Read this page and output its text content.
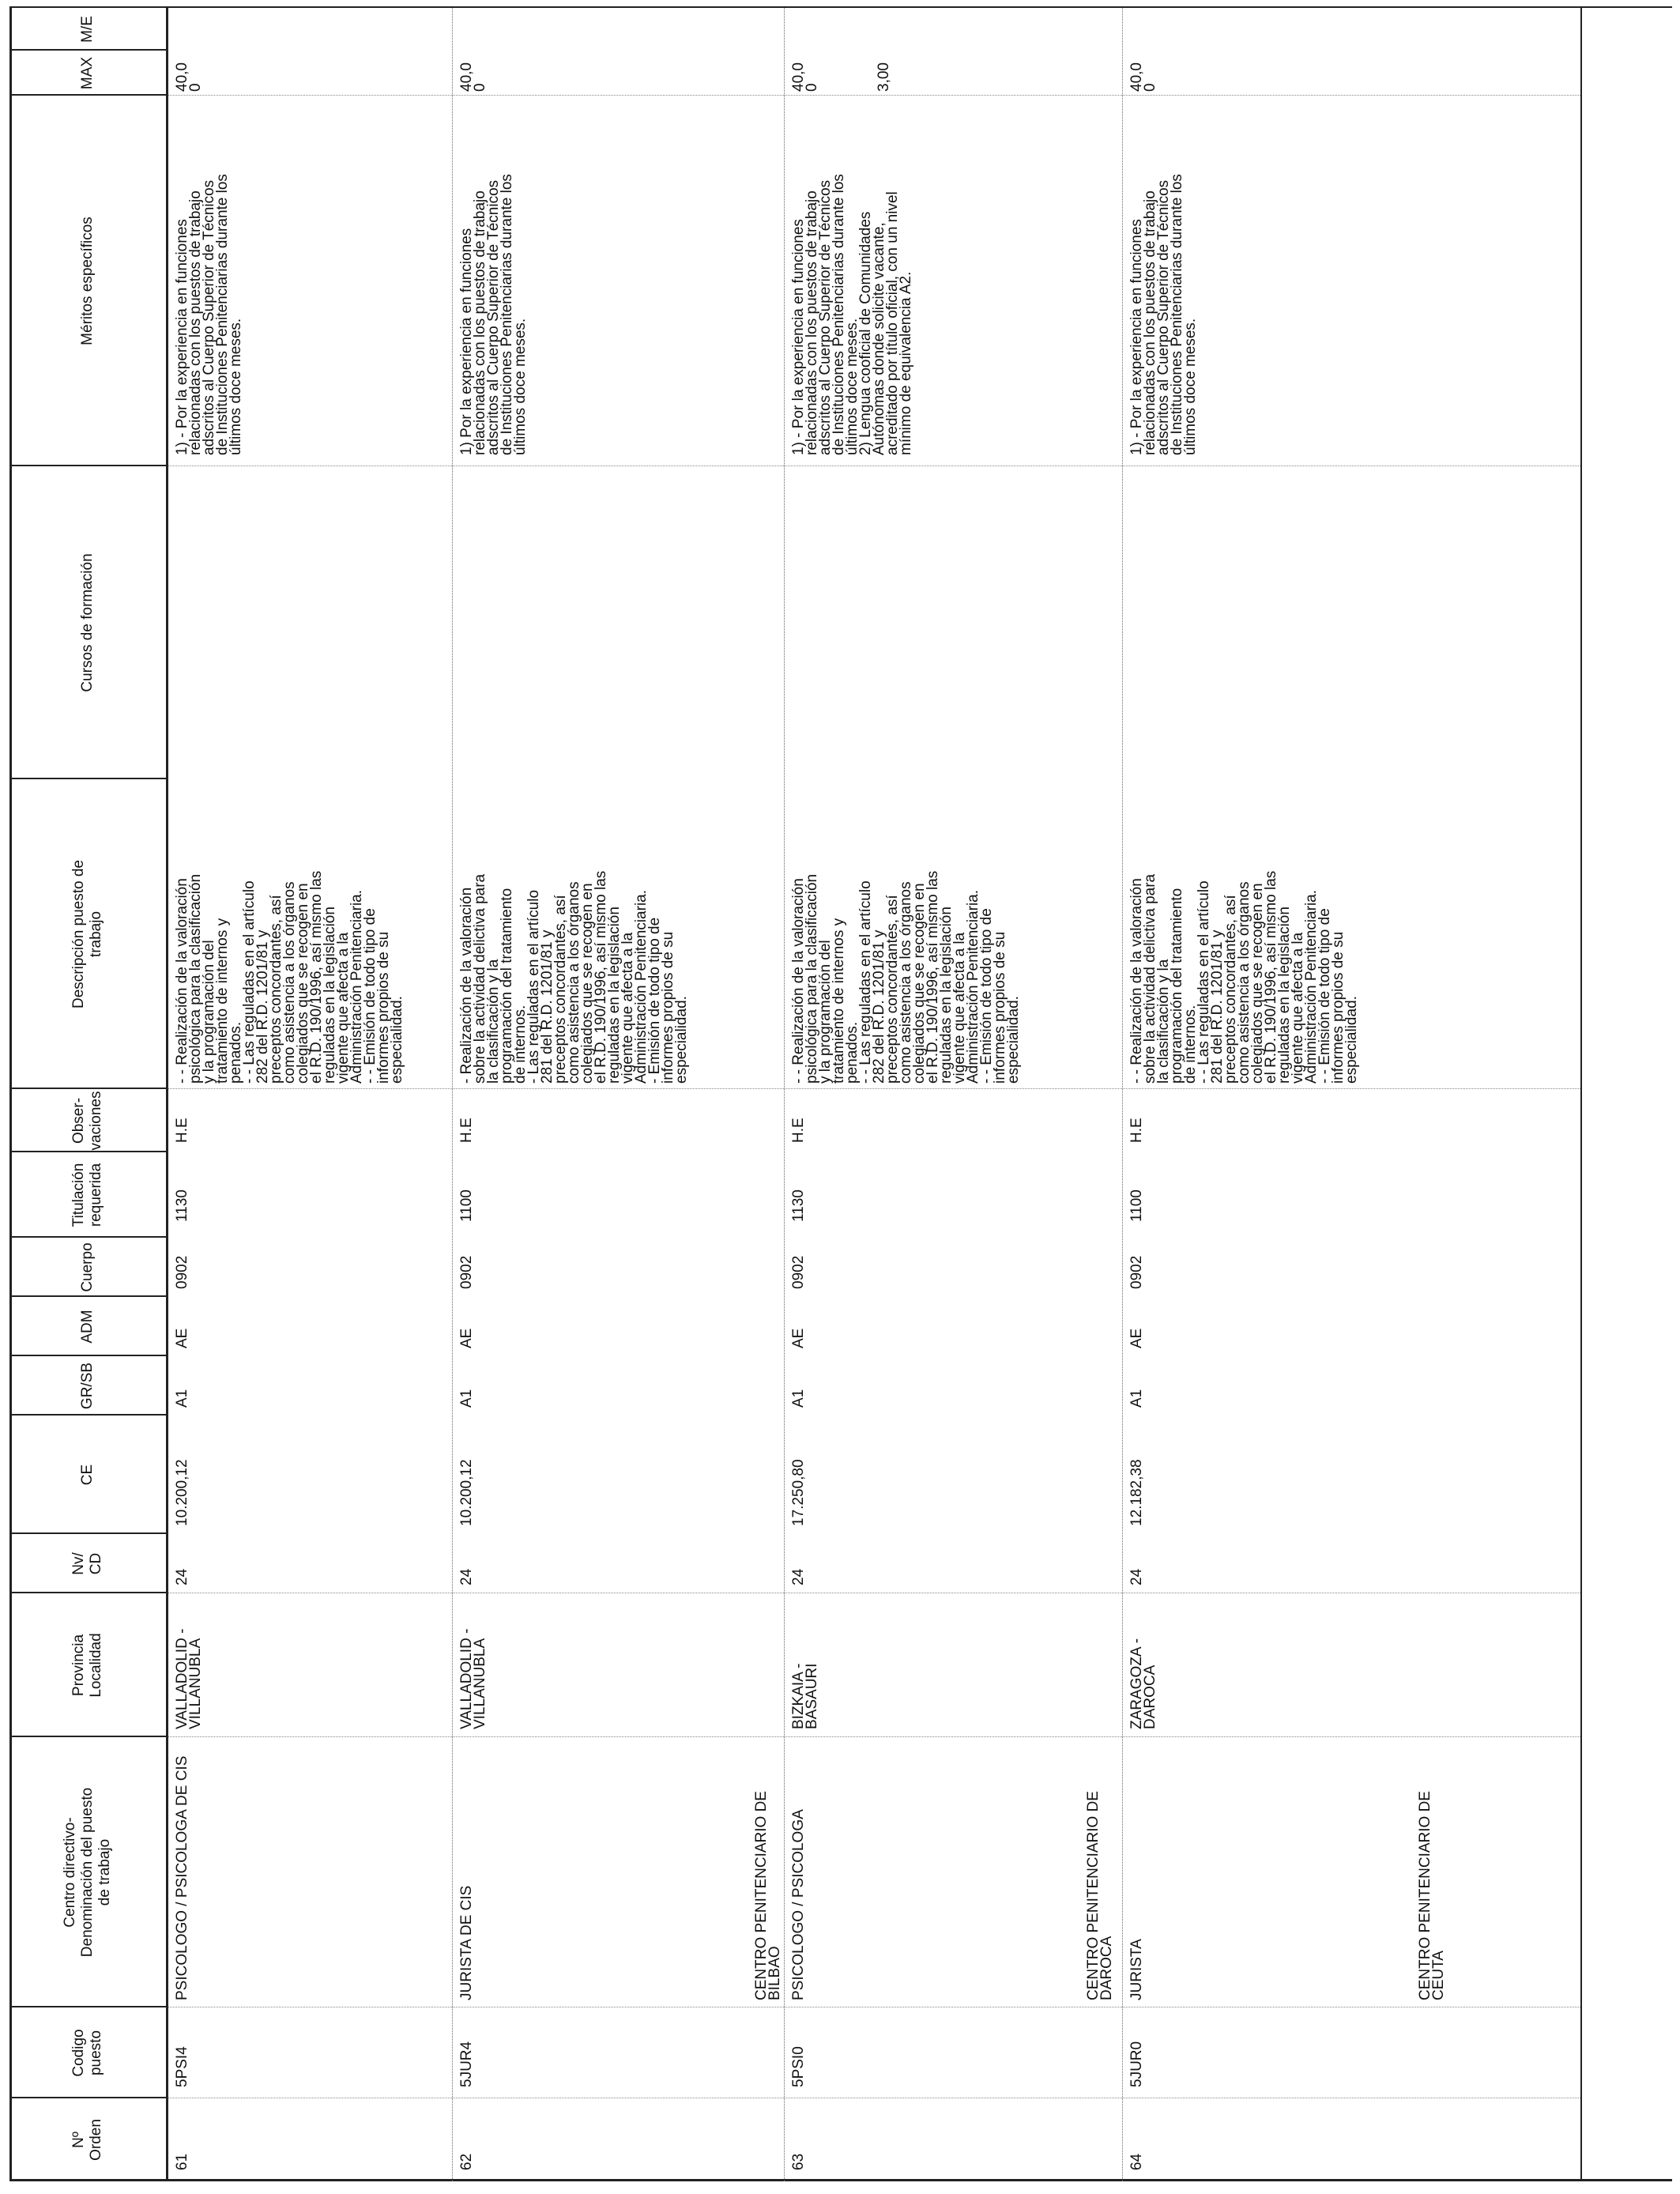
Nº
Orden
Codigo
puesto
Centro directivo-
Denominación del puesto
de trabajo
Provincia
Localidad
Nv/
CD
CE
GR/SB
ADM
Cuerpo
Titulación
requerida
Obser-
vaciones
Descripción puesto de
trabajo
Cursos de formación
Méritos específicos
MAX
M/E
61
5PSI4
PSICOLOGO / PSICOLOGA DE CIS
VALLADOLID -
VILLANUBLA
24
10.200,12
A1
AE
0902
1130
H.E
- - Realización de la valoración
psicológica para la clasificación
y la programación del
tratamiento de internos y
penados.
- - Las reguladas en el artículo
282 del R.D. 1201/81 y
preceptos concordantes, así
como asistencia a los órganos
colegiados que se recogen en
el R.D. 190/1996, así mismo las
reguladas en la legislación
vigente que afecta a la
Administración Penitenciaria.
- - Emisión de todo tipo de
informes propios de su
especialidad.
1) - Por la experiencia en funciones
relacionadas con los puestos de trabajo
adscritos al Cuerpo Superior de Técnicos
de Instituciones Penitenciarias durante los
últimos doce meses.
40,0
0
62
5JUR4
JURISTA DE CIS
VALLADOLID -
VILLANUBLA
24
10.200,12
A1
AE
0902
1100
H.E
- Realización de la valoración
sobre la actividad delictiva para
la clasificación y la
programación del tratamiento
de internos.
- Las reguladas en el artículo
281 del R.D. 1201/81 y
preceptos concordantes, así
como asistencia a los órganos
colegiados que se recogen en
el R.D. 190/1996, así mismo las
reguladas en la legislación
vigente que afecta a la
Administración Penitenciaria.
- Emisión de todo tipo de
informes propios de su
especialidad.
1) Por la experiencia en funciones
relacionadas con los puestos de trabajo
adscritos al Cuerpo Superior de Técnicos
de Instituciones Penitenciarias durante los
últimos doce meses.
40,0
0
CENTRO PENITENCIARIO DE
BILBAO
63
5PSI0
PSICOLOGO / PSICOLOGA
BIZKAIA -
BASAURI
24
17.250,80
A1
AE
0902
1130
H.E
- - Realización de la valoración
psicológica para la clasificación
y la programación del
tratamiento de internos y
penados.
- - Las reguladas en el artículo
282 del R.D. 1201/81 y
preceptos concordantes, así
como asistencia a los órganos
colegiados que se recogen en
el R.D. 190/1996, así mismo las
reguladas en la legislación
vigente que afecta a la
Administración Penitenciaria.
- - Emisión de todo tipo de
informes propios de su
especialidad.
1) - Por la experiencia en funciones
relacionadas con los puestos de trabajo
adscritos al Cuerpo Superior de Técnicos
de Instituciones Penitenciarias durante los
últimos doce meses.
2) Lengua cooficial de Comunidades
Autónomas donde solicite vacante,
acreditado por título oficial, con un nivel
mínimo de equivalencia A2.
40,0
0	3,00
CENTRO PENITENCIARIO DE
DAROCA
64
5JUR0
JURISTA
ZARAGOZA -
DAROCA
24
12.182,38
A1
AE
0902
1100
H.E
- - Realización de la valoración
sobre la actividad delictiva para
la clasificación y la
programación del tratamiento
de internos.
- - Las reguladas en el artículo
281 del R.D. 1201/81 y
preceptos concordantes, así
como asistencia a los órganos
colegiados que se recogen en
el R.D. 190/1996, así mismo las
reguladas en la legislación
vigente que afecta a la
Administración Penitenciaria.
- - Emisión de todo tipo de
informes propios de su
especialidad.
1) - Por la experiencia en funciones
relacionadas con los puestos de trabajo
adscritos al Cuerpo Superior de Técnicos
de Instituciones Penitenciarias durante los
últimos doce meses.
40,0
0
CENTRO PENITENCIARIO DE
CEUTA
